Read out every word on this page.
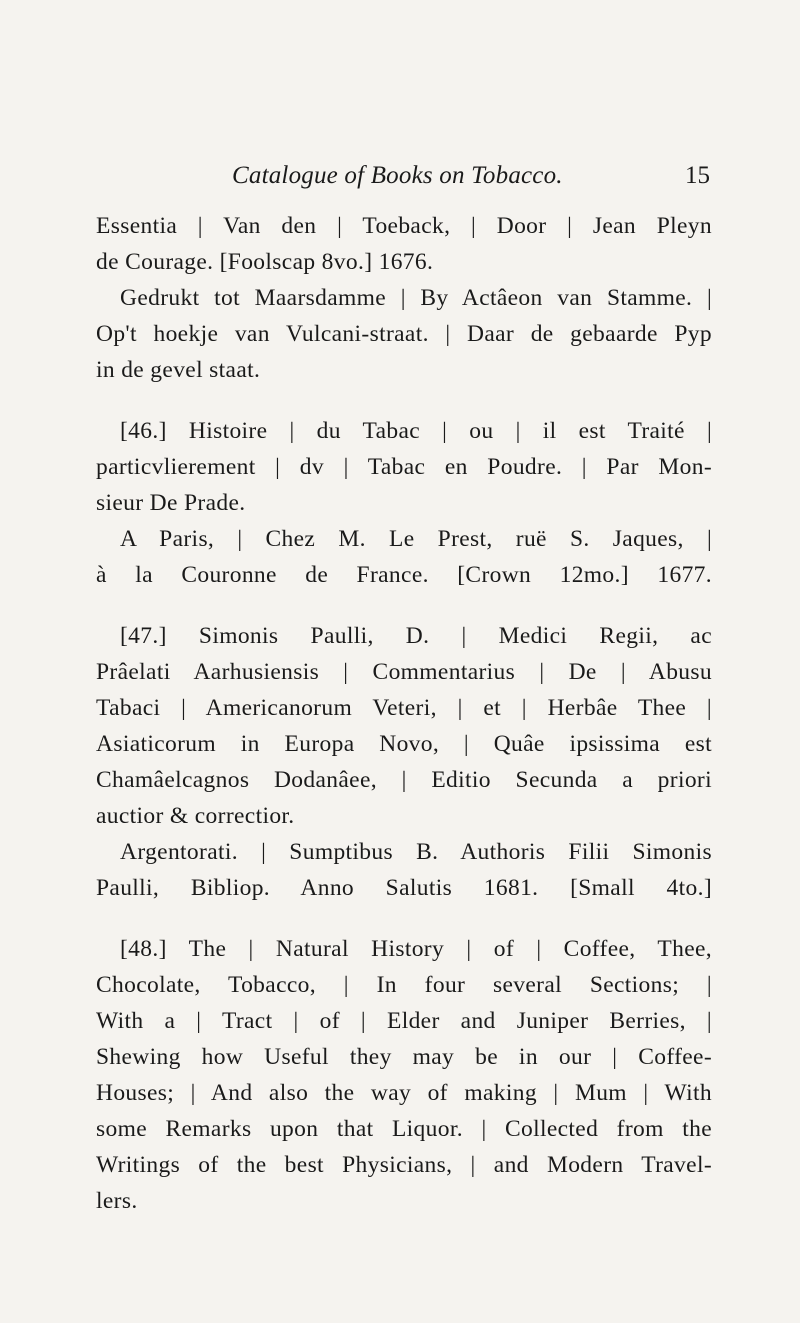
Catalogue of Books on Tobacco.	15
Essentia | Van den | Toeback, | Door | Jean Pleyn
de Courage. [Foolscap 8vo.] 1676.
Gedrukt tot Maarsdamme | By Actâeon van Stamme. |
Op't hoekje van Vulcani-straat. | Daar de gebaarde Pyp
in de gevel staat.
[46.] Histoire | du Tabac | ou | il est Traité |
particvlierement | dv | Tabac en Poudre. | Par Mon-
sieur De Prade.
A Paris, | Chez M. Le Prest, ruë S. Jaques, |
à la Couronne de France. [Crown 12mo.] 1677.
[47.] Simonis Paulli, D. | Medici Regii, ac
Prâelati Aarhusiensis | Commentarius | De | Abusu
Tabaci | Americanorum Veteri, | et | Herbâe Thee |
Asiaticorum in Europa Novo, | Quâe ipsissima est
Chamâelcagnos Dodanâee, | Editio Secunda a priori
auctior & correctior.
Argentorati. | Sumptibus B. Authoris Filii Simonis
Paulli, Bibliop. Anno Salutis 1681. [Small 4to.]
[48.] The | Natural History | of | Coffee, Thee,
Chocolate, Tobacco, | In four several Sections; |
With a | Tract | of | Elder and Juniper Berries, |
Shewing how Useful they may be in our | Coffee-
Houses; | And also the way of making | Mum | With
some Remarks upon that Liquor. | Collected from the
Writings of the best Physicians, | and Modern Travel-
lers.
